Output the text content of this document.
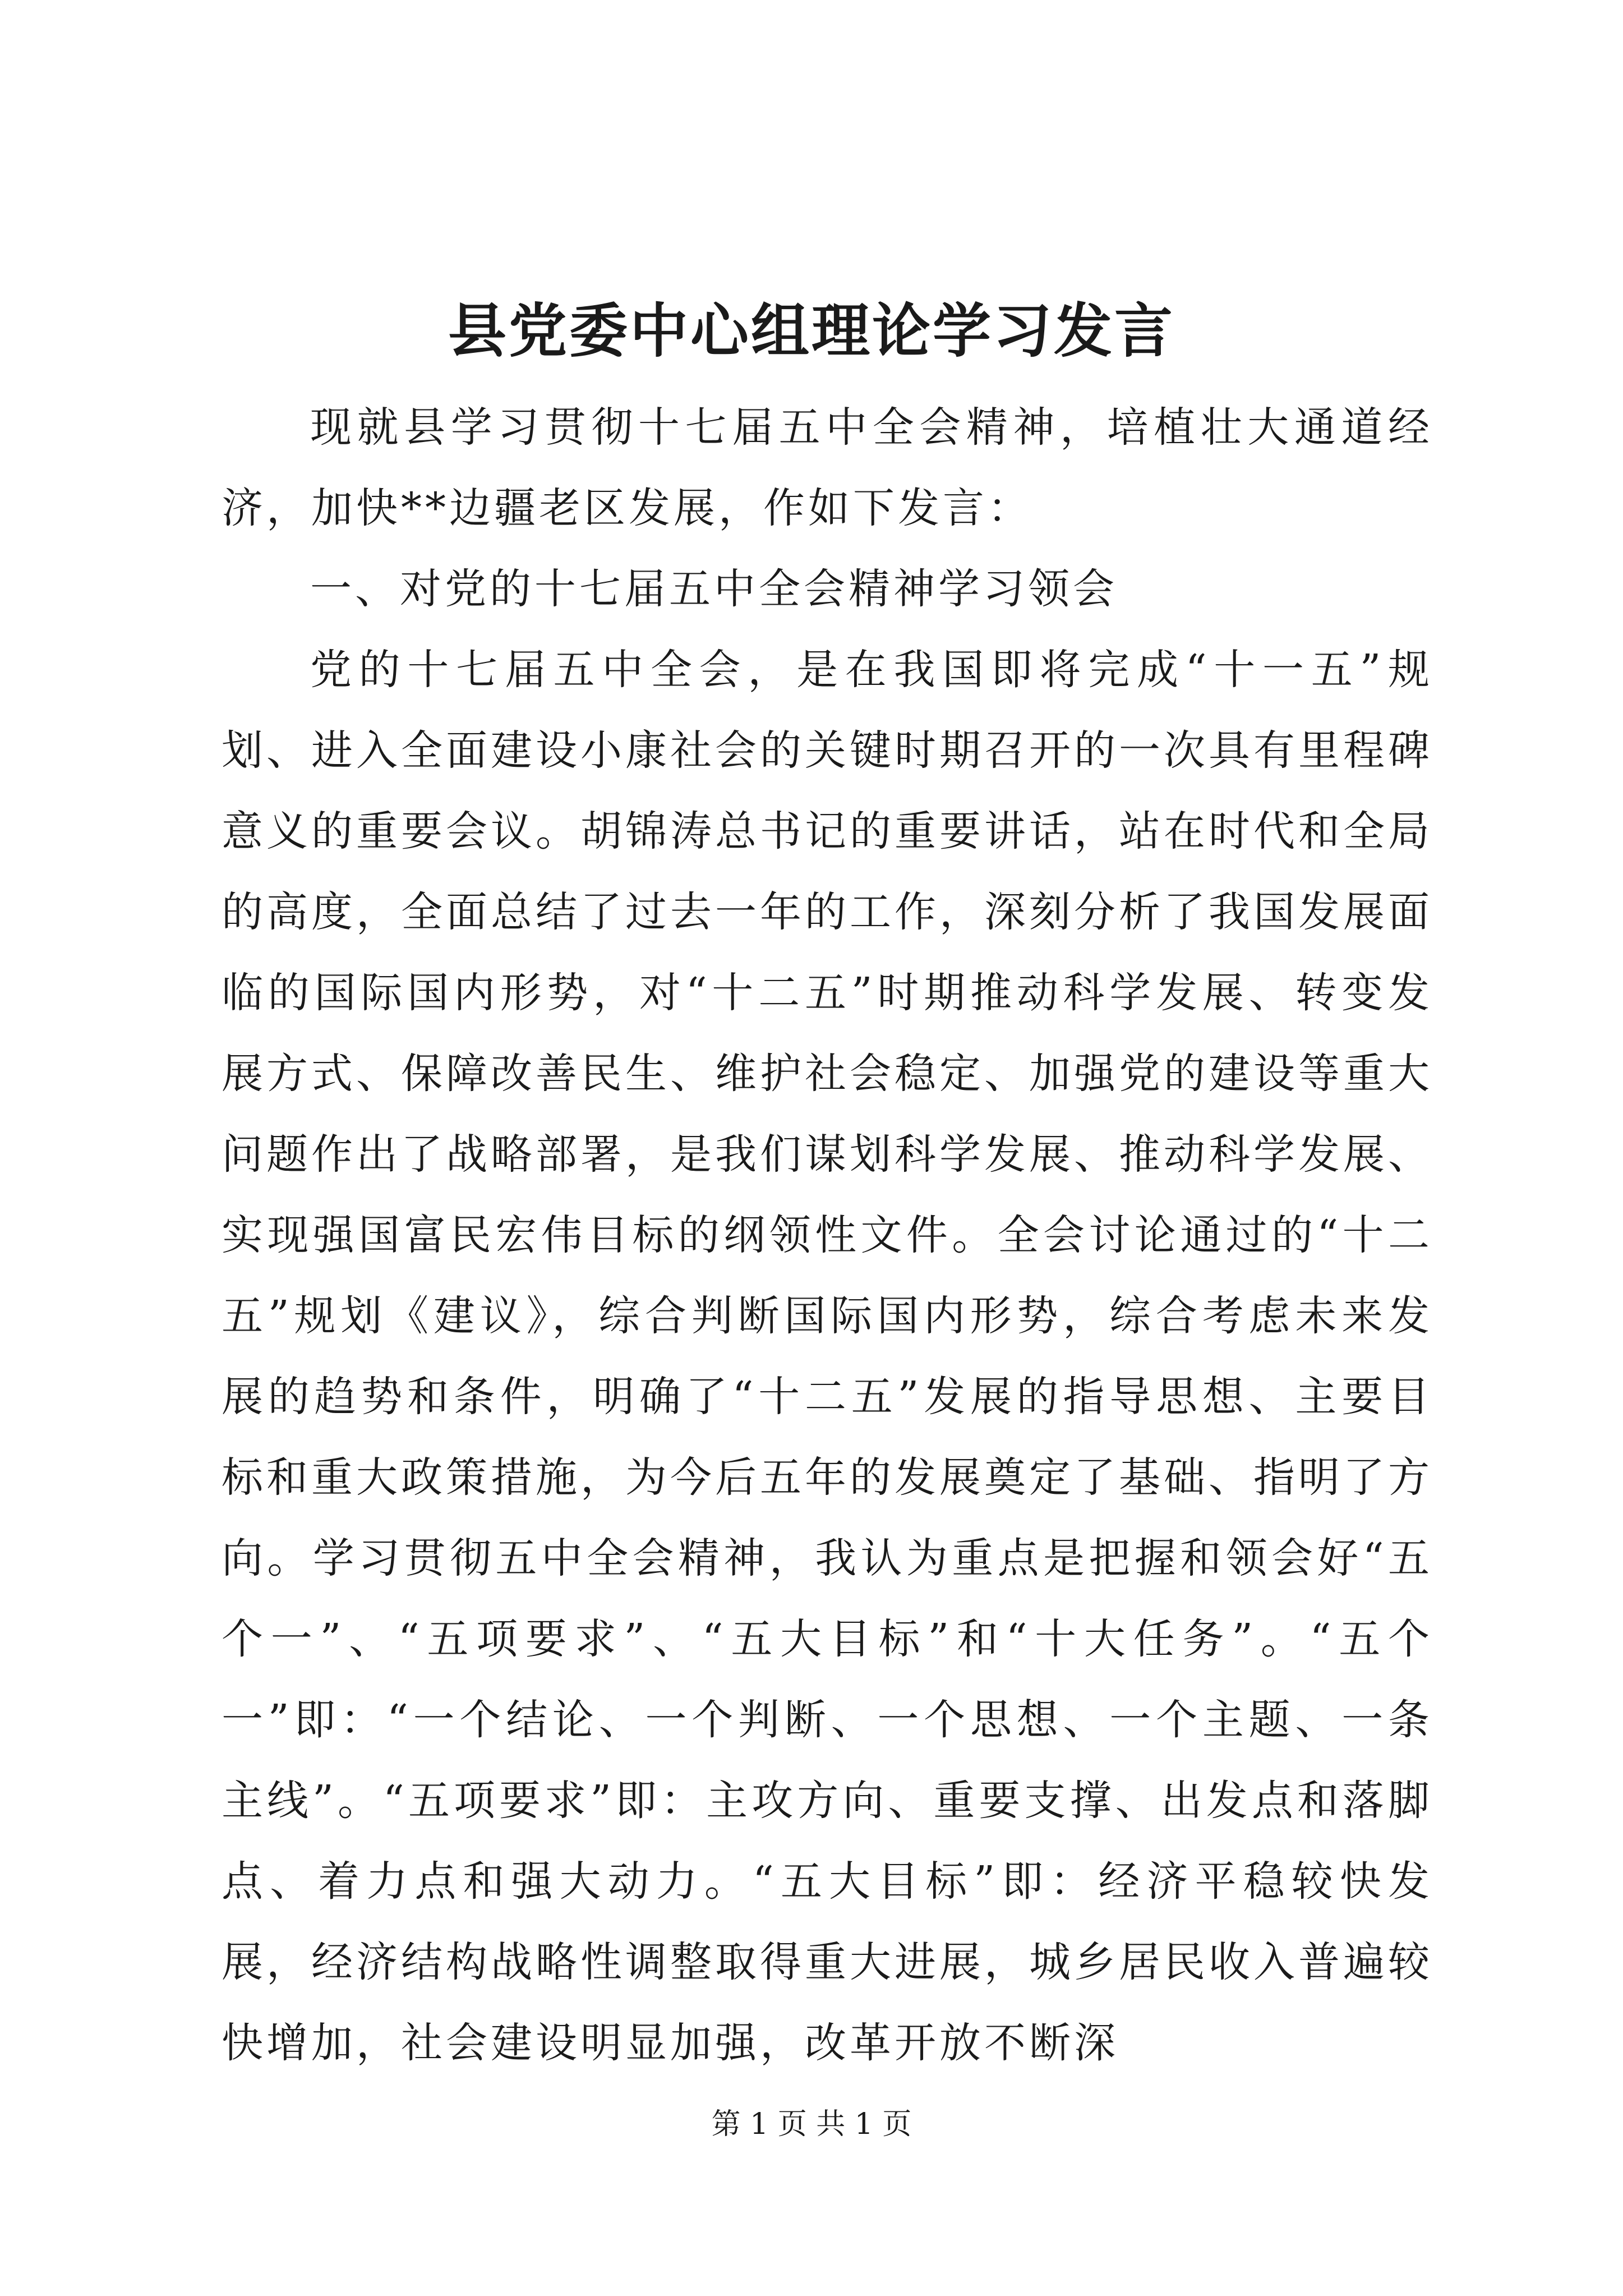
县党委中心组理论学习发言

现就县学习贯彻十七届五中全会精神，培植壮大通道经济，加快**边疆老区发展，作如下发言：

一、对党的十七届五中全会精神学习领会

党的十七届五中全会，是在我国即将完成“十一五”规划、进入全面建设小康社会的关键时期召开的一次具有里程碑意义的重要会议。胡锦涛总书记的重要讲话，站在时代和全局的高度，全面总结了过去一年的工作，深刻分析了我国发展面临的国际国内形势，对“十二五”时期推动科学发展、转变发展方式、保障改善民生、维护社会稳定、加强党的建设等重大问题作出了战略部署，是我们谋划科学发展、推动科学发展、实现强国富民宏伟目标的纲领性文件。全会讨论通过的“十二五”规划《建议》，综合判断国际国内形势，综合考虑未来发展的趋势和条件，明确了“十二五”发展的指导思想、主要目标和重大政策措施，为今后五年的发展奠定了基础、指明了方向。学习贯彻五中全会精神，我认为重点是把握和领会好“五个一”、“五项要求”、“五大目标”和“十大任务”。“五个一”即：“一个结论、一个判断、一个思想、一个主题、一条主线”。“五项要求”即：主攻方向、重要支撑、出发点和落脚点、着力点和强大动力。“五大目标”即：经济平稳较快发展，经济结构战略性调整取得重大进展，城乡居民收入普遍较快增加，社会建设明显加强，改革开放不断深

第 1 页 共 1 页
